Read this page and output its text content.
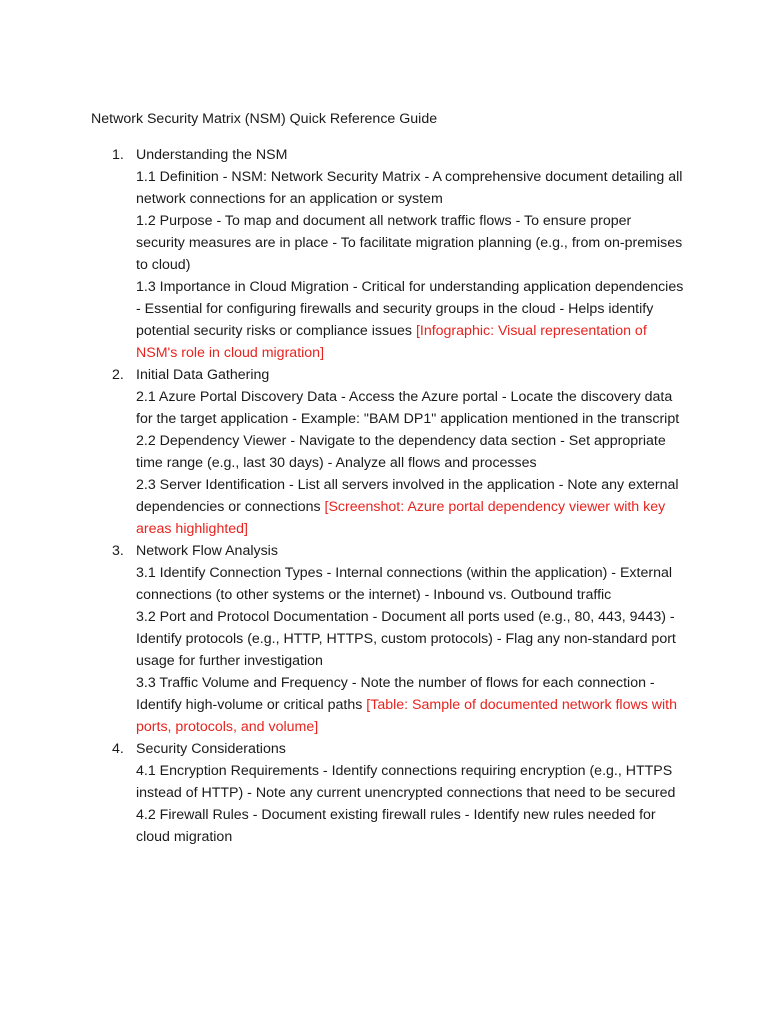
Network Security Matrix (NSM) Quick Reference Guide
1. Understanding the NSM

1.1 Definition - NSM: Network Security Matrix - A comprehensive document detailing all network connections for an application or system

1.2 Purpose - To map and document all network traffic flows - To ensure proper security measures are in place - To facilitate migration planning (e.g., from on-premises to cloud)

1.3 Importance in Cloud Migration - Critical for understanding application dependencies - Essential for configuring firewalls and security groups in the cloud - Helps identify potential security risks or compliance issues [Infographic: Visual representation of NSM's role in cloud migration]

2. Initial Data Gathering

2.1 Azure Portal Discovery Data - Access the Azure portal - Locate the discovery data for the target application - Example: "BAM DP1" application mentioned in the transcript

2.2 Dependency Viewer - Navigate to the dependency data section - Set appropriate time range (e.g., last 30 days) - Analyze all flows and processes

2.3 Server Identification - List all servers involved in the application - Note any external dependencies or connections [Screenshot: Azure portal dependency viewer with key areas highlighted]

3. Network Flow Analysis

3.1 Identify Connection Types - Internal connections (within the application) - External connections (to other systems or the internet) - Inbound vs. Outbound traffic

3.2 Port and Protocol Documentation - Document all ports used (e.g., 80, 443, 9443) - Identify protocols (e.g., HTTP, HTTPS, custom protocols) - Flag any non-standard port usage for further investigation

3.3 Traffic Volume and Frequency - Note the number of flows for each connection - Identify high-volume or critical paths [Table: Sample of documented network flows with ports, protocols, and volume]

4. Security Considerations

4.1 Encryption Requirements - Identify connections requiring encryption (e.g., HTTPS instead of HTTP) - Note any current unencrypted connections that need to be secured

4.2 Firewall Rules - Document existing firewall rules - Identify new rules needed for cloud migration
